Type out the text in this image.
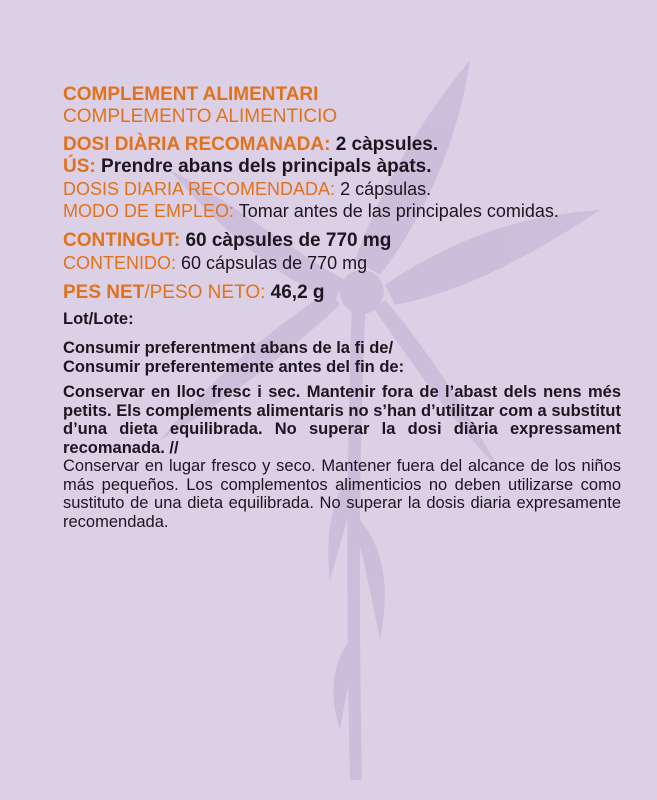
COMPLEMENT ALIMENTARI
COMPLEMENTO ALIMENTICIO
DOSI DIÀRIA RECOMANADA: 2 càpsules.
ÚS: Prendre abans dels principals àpats.
DOSIS DIARIA RECOMENDADA: 2 cápsulas.
MODO DE EMPLEO: Tomar antes de las principales comidas.
CONTINGUT: 60 càpsules de 770 mg
CONTENIDO: 60 cápsulas de 770 mg
PES NET/PESO NETO: 46,2 g
Lot/Lote:
Consumir preferentment abans de la fi de/
Consumir preferentemente antes del fin de:
Conservar en lloc fresc i sec. Mantenir fora de l’abast dels nens més petits. Els complements alimentaris no s’han d’utilitzar com a substitut d’una dieta equilibrada. No superar la dosi diària expressament recomanada. //
Conservar en lugar fresco y seco. Mantener fuera del alcance de los niños más pequeños. Los complementos alimenticios no deben utilizarse como sustituto de una dieta equilibrada. No superar la dosis diaria expresamente recomendada.
